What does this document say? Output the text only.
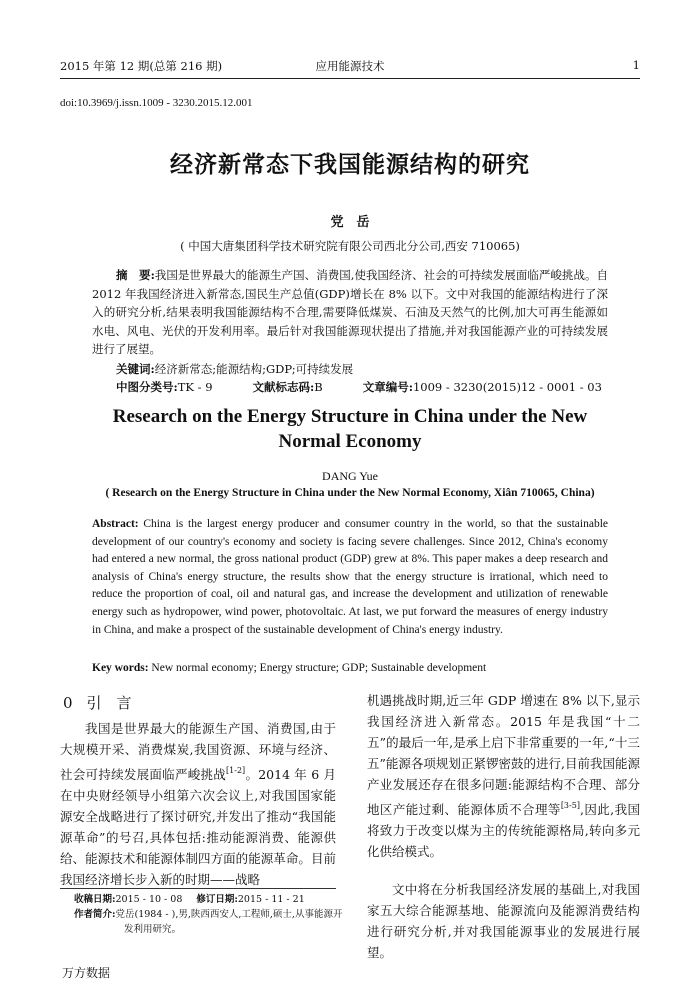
2015 年第 12 期(总第 216 期)	应用能源技术	1
doi:10.3969/j.issn.1009 - 3230.2015.12.001
经济新常态下我国能源结构的研究
党　岳
( 中国大唐集团科学技术研究院有限公司西北分公司,西安 710065)
摘　要:我国是世界最大的能源生产国、消费国,使我国经济、社会的可持续发展面临严峻挑战。自 2012 年我国经济进入新常态,国民生产总值(GDP)增长在 8% 以下。文中对我国的能源结构进行了深入的研究分析,结果表明我国能源结构不合理,需要降低煤炭、石油及天然气的比例,加大可再生能源如水电、风电、光伏的开发利用率。最后针对我国能源现状提出了措施,并对我国能源产业的可持续发展进行了展望。
关键词:经济新常态;能源结构;GDP;可持续发展
中图分类号:TK - 9	文献标志码:B	文章编号:1009 - 3230(2015)12 - 0001 - 03
Research on the Energy Structure in China under the New
Normal Economy
DANG Yue
( Research on the Energy Structure in China under the New Normal Economy, Xiân 710065, China)
Abstract: China is the largest energy producer and consumer country in the world, so that the sustainable development of our country's economy and society is facing severe challenges. Since 2012, China's economy had entered a new normal, the gross national product (GDP) grew at 8%. This paper makes a deep research and analysis of China's energy structure, the results show that the energy structure is irrational, which need to reduce the proportion of coal, oil and natural gas, and increase the development and utilization of renewable energy such as hydropower, wind power, photovoltaic. At last, we put forward the measures of energy industry in China, and make a prospect of the sustainable development of China's energy industry.
Key words: New normal economy; Energy structure; GDP; Sustainable development
0 引　言
我国是世界最大的能源生产国、消费国,由于大规模开采、消费煤炭,我国资源、环境与经济、社会可持续发展面临严峻挑战[1-2]。2014 年 6 月在中央财经领导小组第六次会议上,对我国国家能源安全战略进行了探讨研究,并发出了推动“我国能源革命”的号召,具体包括:推动能源消费、能源供给、能源技术和能源体制四方面的能源革命。目前我国经济增长步入新的时期——战略
收稿日期:2015 - 10 - 08 修订日期:2015 - 11 - 21
作者简介:党岳(1984 - ),男,陕西西安人,工程师,硕士,从事能源开发利用研究。
机遇挑战时期,近三年 GDP 增速在 8% 以下,显示我国经济进入新常态。2015 年是我国“十二五”的最后一年,是承上启下非常重要的一年,“十三五”能源各项规划正紧锣密鼓的进行,目前我国能源产业发展还存在很多问题:能源结构不合理、部分地区产能过剩、能源体质不合理等[3-5],因此,我国将致力于改变以煤为主的传统能源格局,转向多元化供给模式。
文中将在分析我国经济发展的基础上,对我国家五大综合能源基地、能源流向及能源消费结构进行研究分析,并对我国能源事业的发展进行展望。
万方数据
